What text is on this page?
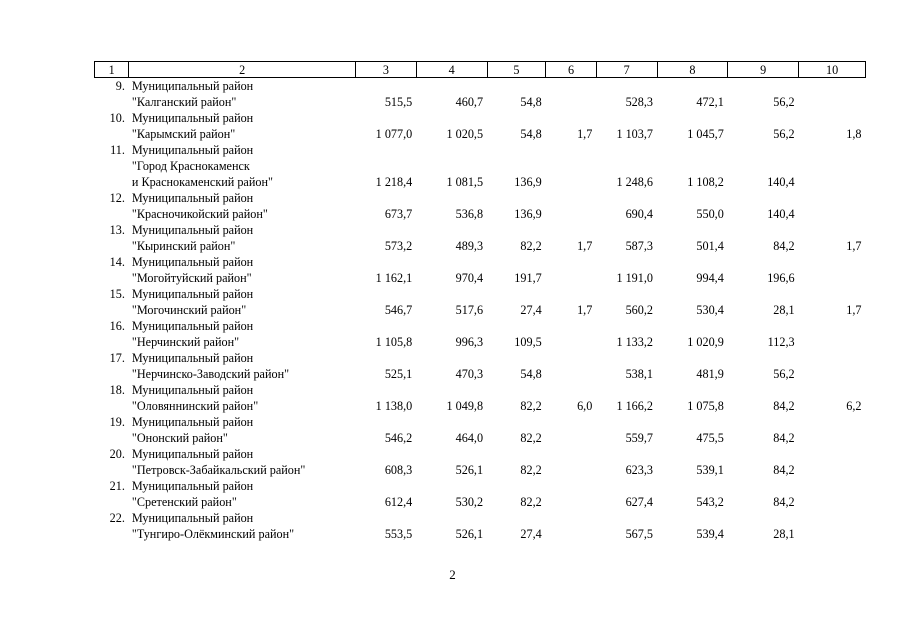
1	2	3	4	5	6	7	8	9	10
9.	Муниципальный район
"Калганский район"	515,5	460,7	54,8		528,3	472,1	56,2	
10.	Муниципальный район
"Карымский район"	1 077,0	1 020,5	54,8	1,7	1 103,7	1 045,7	56,2	1,8
11.	Муниципальный район
"Город Краснокаменск
и Краснокаменский район"	1 218,4	1 081,5	136,9		1 248,6	1 108,2	140,4	
12.	Муниципальный район
"Красночикойский район"	673,7	536,8	136,9		690,4	550,0	140,4	
13.	Муниципальный район
"Кыринский район"	573,2	489,3	82,2	1,7	587,3	501,4	84,2	1,7
14.	Муниципальный район
"Могойтуйский район"	1 162,1	970,4	191,7		1 191,0	994,4	196,6	
15.	Муниципальный район
"Могочинский район"	546,7	517,6	27,4	1,7	560,2	530,4	28,1	1,7
16.	Муниципальный район
"Нерчинский район"	1 105,8	996,3	109,5		1 133,2	1 020,9	112,3	
17.	Муниципальный район
"Нерчинско-Заводский район"	525,1	470,3	54,8		538,1	481,9	56,2	
18.	Муниципальный район
"Оловяннинский район"	1 138,0	1 049,8	82,2	6,0	1 166,2	1 075,8	84,2	6,2
19.	Муниципальный район
"Ононский район"	546,2	464,0	82,2		559,7	475,5	84,2	
20.	Муниципальный район
"Петровск-Забайкальский район"	608,3	526,1	82,2		623,3	539,1	84,2	
21.	Муниципальный район
"Сретенский район"	612,4	530,2	82,2		627,4	543,2	84,2	
22.	Муниципальный район
"Тунгиро-Олёкминский район"	553,5	526,1	27,4		567,5	539,4	28,1	
2
